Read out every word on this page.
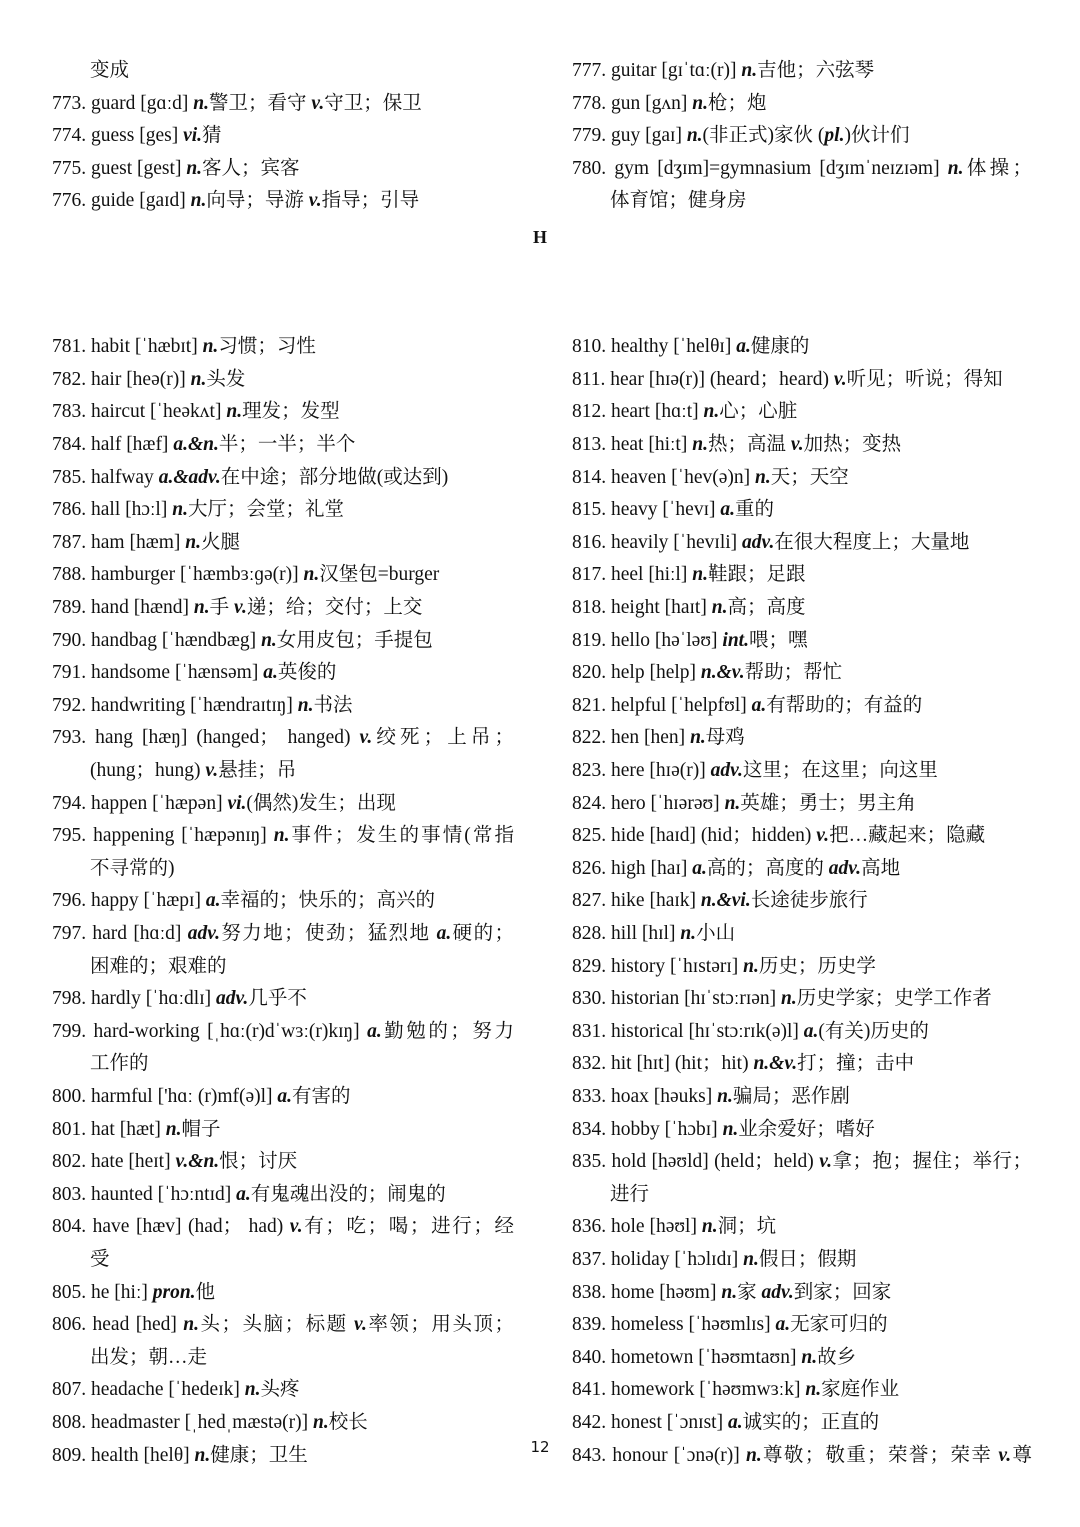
变成
773. guard [gɑːd] n.警卫；看守 v.守卫；保卫
774. guess [ges] vi.猜
775. guest [gest] n.客人；宾客
776. guide [gaɪd] n.向导；导游 v.指导；引导
781. habit [ˈhæbɪt] n.习惯；习性
782. hair [heə(r)] n.头发
783. haircut [ˈheəkʌt] n.理发；发型
784. half [hæf] a.&n.半；一半；半个
785. halfway a.&adv.在中途；部分地做(或达到)
786. hall [hɔːl] n.大厅；会堂；礼堂
787. ham [hæm] n.火腿
788. hamburger [ˈhæmbɜːɡə(r)] n.汉堡包=burger
789. hand [hænd] n.手 v.递；给；交付；上交
790. handbag [ˈhændbæg] n.女用皮包；手提包
791. handsome [ˈhænsəm] a.英俊的
792. handwriting [ˈhændraɪtɪŋ] n.书法
793. hang [hæŋ] (hanged； hanged) v.绞死；上吊；
(hung；hung) v.悬挂；吊
794. happen [ˈhæpən] vi.(偶然)发生；出现
795. happening [ˈhæpənɪŋ] n.事件；发生的事情(常指
不寻常的)
796. happy [ˈhæpɪ] a.幸福的；快乐的；高兴的
797. hard [hɑːd] adv.努力地；使劲；猛烈地 a.硬的；
困难的；艰难的
798. hardly [ˈhɑːdlɪ] adv.几乎不
799. hard-working [ˌhɑː(r)dˈwɜː(r)kɪŋ] a.勤勉的；努力
工作的
800. harmful ['hɑː (r)mf(ə)l] a.有害的
801. hat [hæt] n.帽子
802. hate [heɪt] v.&n.恨；讨厌
803. haunted [ˈhɔːntɪd] a.有鬼魂出没的；闹鬼的
804. have [hæv] (had； had) v.有；吃；喝；进行；经
受
805. he [hiː] pron.他
806. head [hed] n.头；头脑；标题 v.率领；用头顶；
出发；朝…走
807. headache [ˈhedeɪk] n.头疼
808. headmaster [ˌhedˌmæstə(r)] n.校长
809. health [helθ] n.健康；卫生
777. guitar [gɪˈtɑː(r)] n.吉他；六弦琴
778. gun [gʌn] n.枪；炮
779. guy [gaɪ] n.(非正式)家伙 (pl.)伙计们
780. gym [dʒɪm]=gymnasium [dʒɪmˈneɪzɪəm] n.体操；
体育馆；健身房
810. healthy [ˈhelθɪ] a.健康的
811. hear [hɪə(r)] (heard；heard) v.听见；听说；得知
812. heart [hɑːt] n.心；心脏
813. heat [hiːt] n.热；高温 v.加热；变热
814. heaven [ˈhev(ə)n] n.天；天空
815. heavy [ˈhevɪ] a.重的
816. heavily [ˈhevɪli] adv.在很大程度上；大量地
817. heel [hiːl] n.鞋跟；足跟
818. height [haɪt] n.高；高度
819. hello [həˈləʊ] int.喂；嘿
820. help [help] n.&v.帮助；帮忙
821. helpful [ˈhelpfʊl] a.有帮助的；有益的
822. hen [hen] n.母鸡
823. here [hɪə(r)] adv.这里；在这里；向这里
824. hero [ˈhɪərəʊ] n.英雄；勇士；男主角
825. hide [haɪd] (hid；hidden) v.把…藏起来；隐藏
826. high [haɪ] a.高的；高度的 adv.高地
827. hike [haɪk] n.&vi.长途徒步旅行
828. hill [hɪl] n.小山
829. history [ˈhɪstərɪ] n.历史；历史学
830. historian [hɪˈstɔːrɪən] n.历史学家；史学工作者
831. historical [hɪˈstɔːrɪk(ə)l] a.(有关)历史的
832. hit [hɪt] (hit；hit) n.&v.打；撞；击中
833. hoax [həuks] n.骗局；恶作剧
834. hobby [ˈhɔbɪ] n.业余爱好；嗜好
835. hold [həʊld] (held；held) v.拿；抱；握住；举行；
进行
836. hole [həʊl] n.洞；坑
837. holiday [ˈhɔlɪdɪ] n.假日；假期
838. home [həʊm] n.家 adv.到家；回家
839. homeless [ˈhəʊmlɪs] a.无家可归的
840. hometown [ˈhəʊmtaʊn] n.故乡
841. homework [ˈhəʊmwɜːk] n.家庭作业
842. honest [ˈɔnɪst] a.诚实的；正直的
843. honour [ˈɔnə(r)] n.尊敬；敬重；荣誉；荣幸 v.尊
H
12
